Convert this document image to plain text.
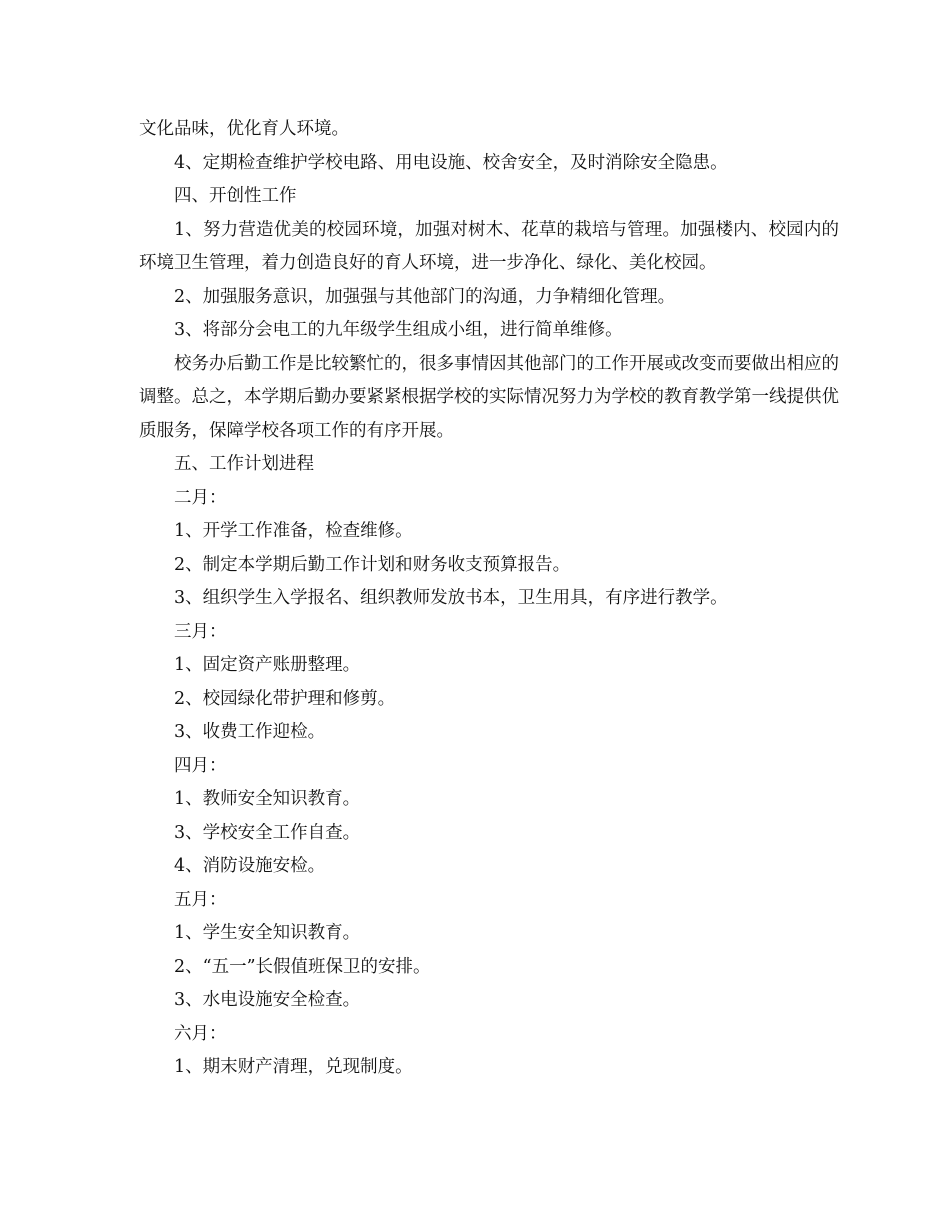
文化品味，优化育人环境。

4、定期检查维护学校电路、用电设施、校舍安全，及时消除安全隐患。

四、开创性工作

1、努力营造优美的校园环境，加强对树木、花草的栽培与管理。加强楼内、校园内的环境卫生管理，着力创造良好的育人环境，进一步净化、绿化、美化校园。

2、加强服务意识，加强强与其他部门的沟通，力争精细化管理。

3、将部分会电工的九年级学生组成小组，进行简单维修。

校务办后勤工作是比较繁忙的，很多事情因其他部门的工作开展或改变而要做出相应的调整。总之，本学期后勤办要紧紧根据学校的实际情况努力为学校的教育教学第一线提供优质服务，保障学校各项工作的有序开展。

五、工作计划进程

二月：

1、开学工作准备，检查维修。

2、制定本学期后勤工作计划和财务收支预算报告。

3、组织学生入学报名、组织教师发放书本，卫生用具，有序进行教学。

三月：

1、固定资产账册整理。

2、校园绿化带护理和修剪。

3、收费工作迎检。

四月：

1、教师安全知识教育。

3、学校安全工作自查。

4、消防设施安检。

五月：

1、学生安全知识教育。

2、“五一”长假值班保卫的安排。

3、水电设施安全检查。

六月：

1、期末财产清理，兑现制度。
